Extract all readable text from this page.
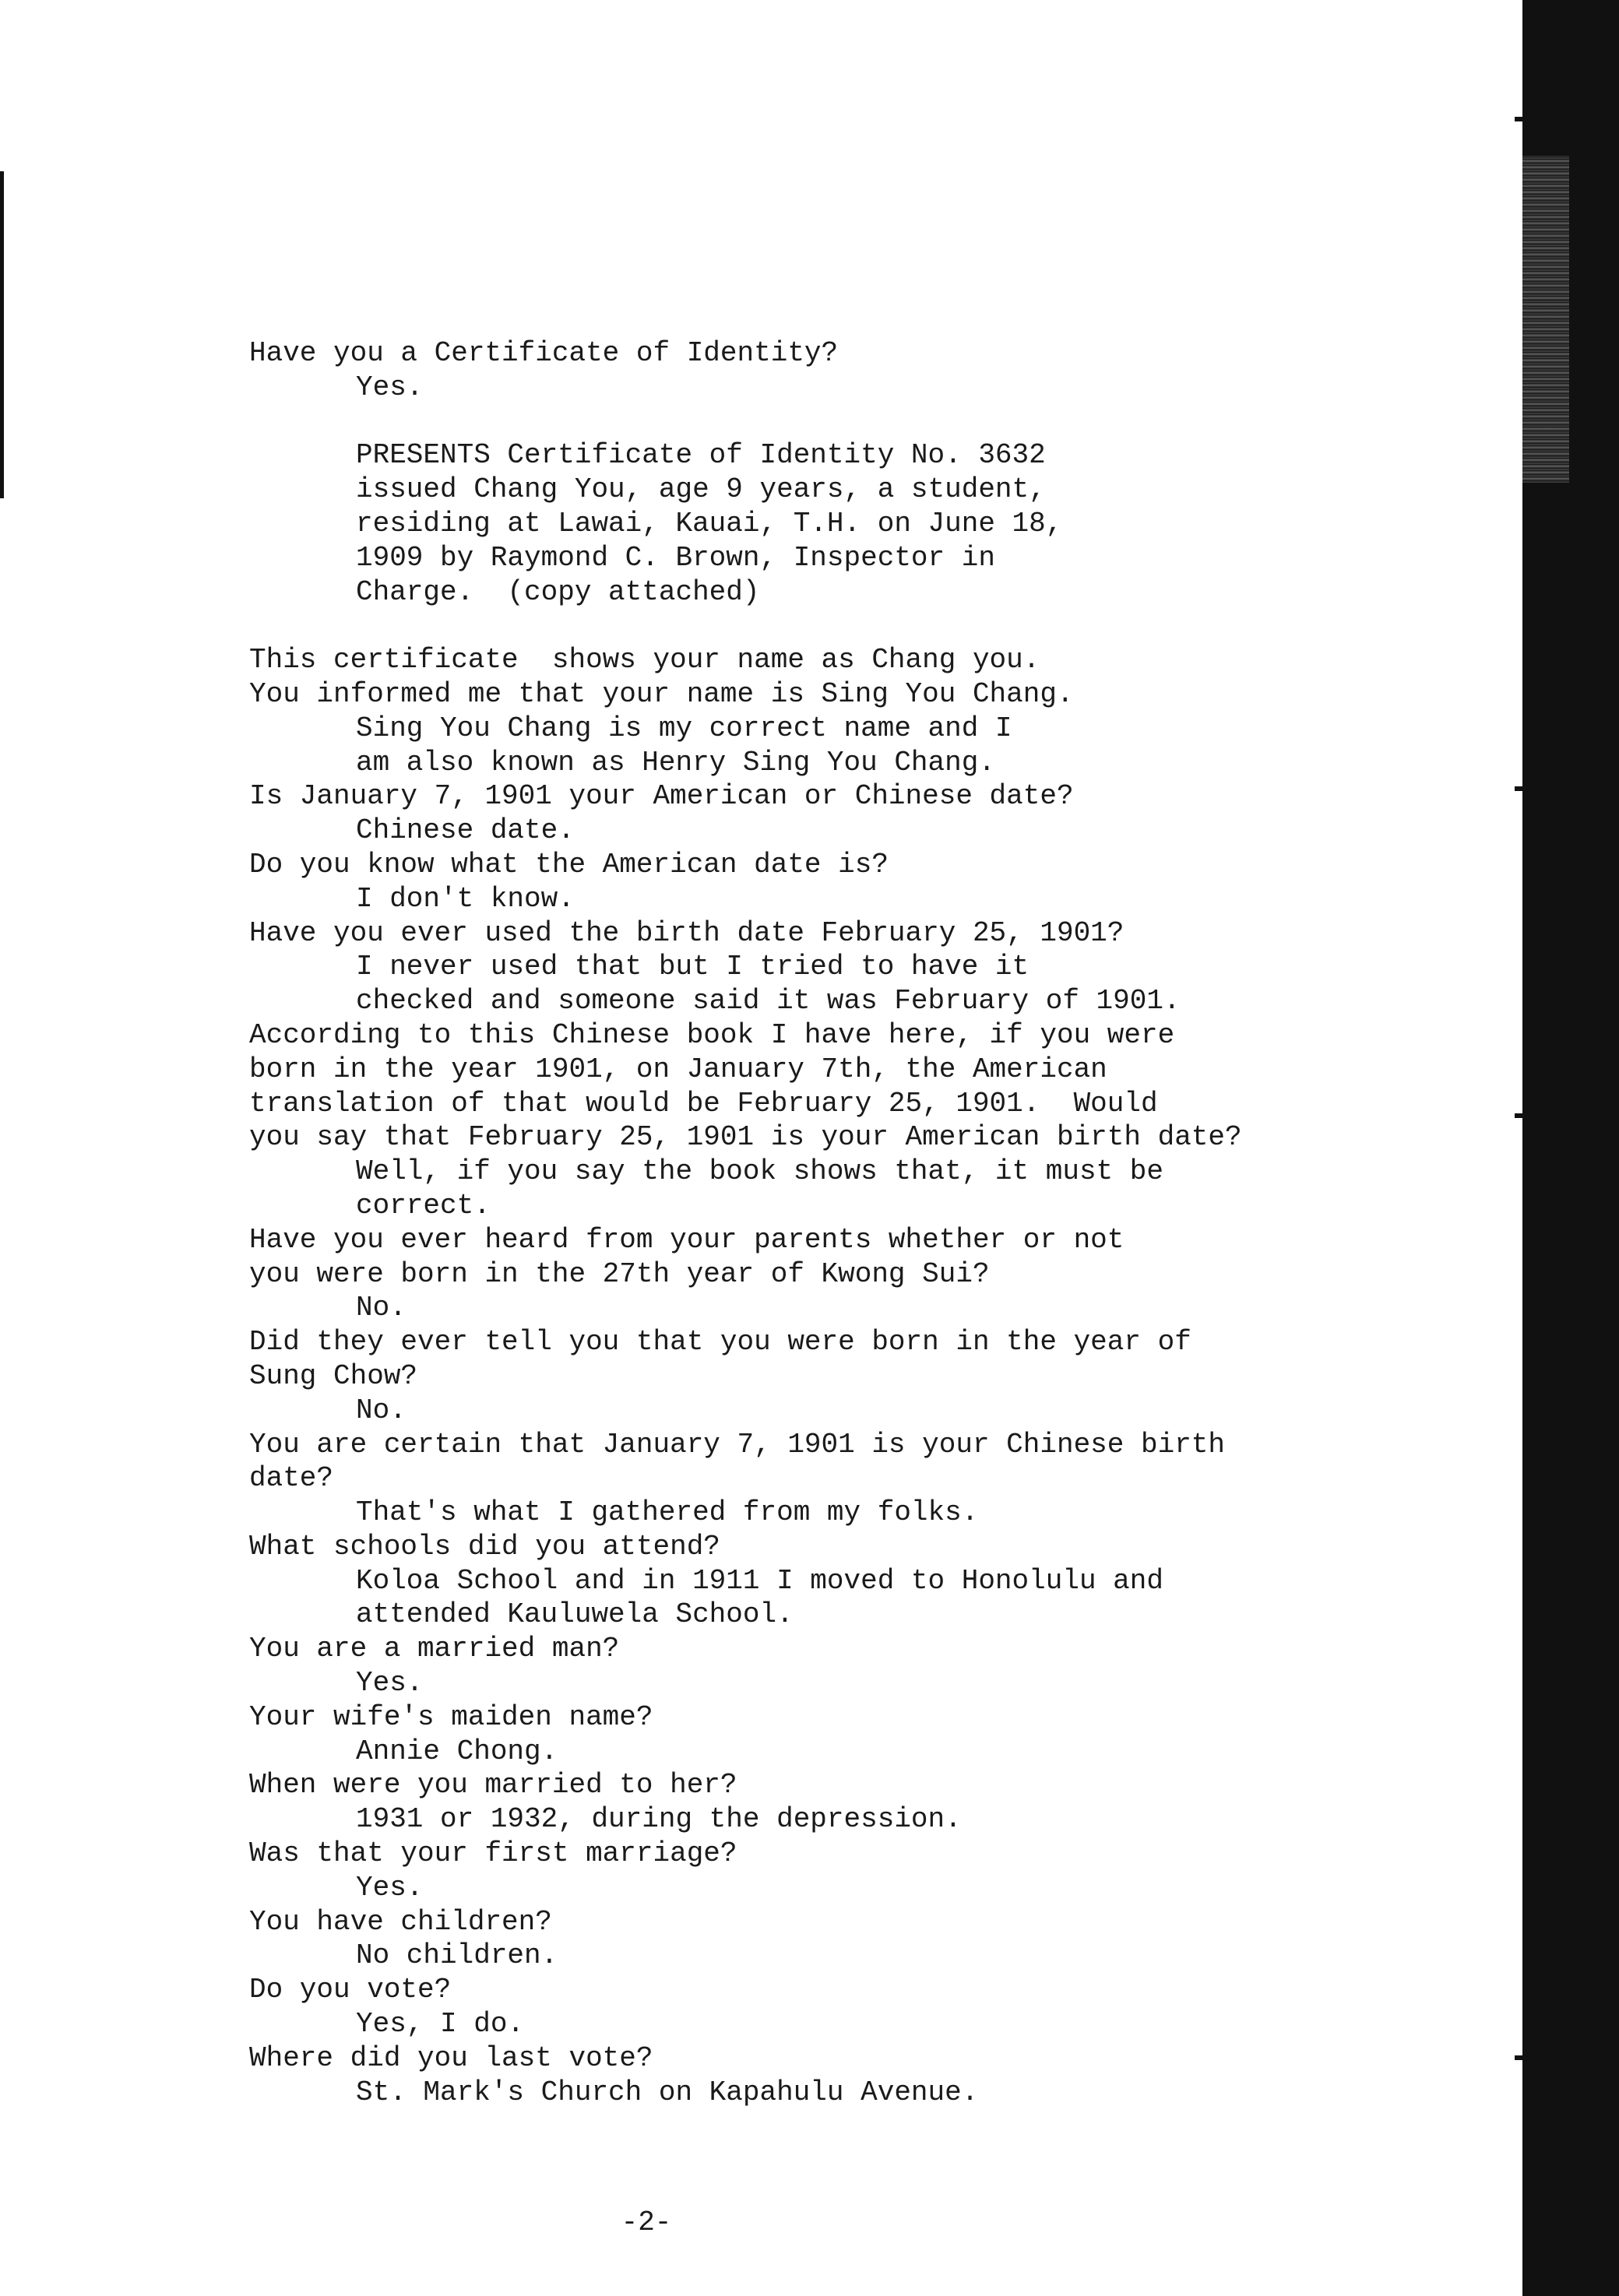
Have you a Certificate of Identity?
Yes.
PRESENTS Certificate of Identity No. 3632
issued Chang You, age 9 years, a student,
residing at Lawai, Kauai, T.H. on June 18,
1909 by Raymond C. Brown, Inspector in
Charge.  (copy attached)
This certificate  shows your name as Chang you.
You informed me that your name is Sing You Chang.
Sing You Chang is my correct name and I
am also known as Henry Sing You Chang.
Is January 7, 1901 your American or Chinese date?
Chinese date.
Do you know what the American date is?
I don't know.
Have you ever used the birth date February 25, 1901?
I never used that but I tried to have it
checked and someone said it was February of 1901.
According to this Chinese book I have here, if you were
born in the year 1901, on January 7th, the American
translation of that would be February 25, 1901.  Would
you say that February 25, 1901 is your American birth date?
Well, if you say the book shows that, it must be
correct.
Have you ever heard from your parents whether or not
you were born in the 27th year of Kwong Sui?
No.
Did they ever tell you that you were born in the year of
Sung Chow?
No.
You are certain that January 7, 1901 is your Chinese birth
date?
That's what I gathered from my folks.
What schools did you attend?
Koloa School and in 1911 I moved to Honolulu and
attended Kauluwela School.
You are a married man?
Yes.
Your wife's maiden name?
Annie Chong.
When were you married to her?
1931 or 1932, during the depression.
Was that your first marriage?
Yes.
You have children?
No children.
Do you vote?
Yes, I do.
Where did you last vote?
St. Mark's Church on Kapahulu Avenue.
-2-
